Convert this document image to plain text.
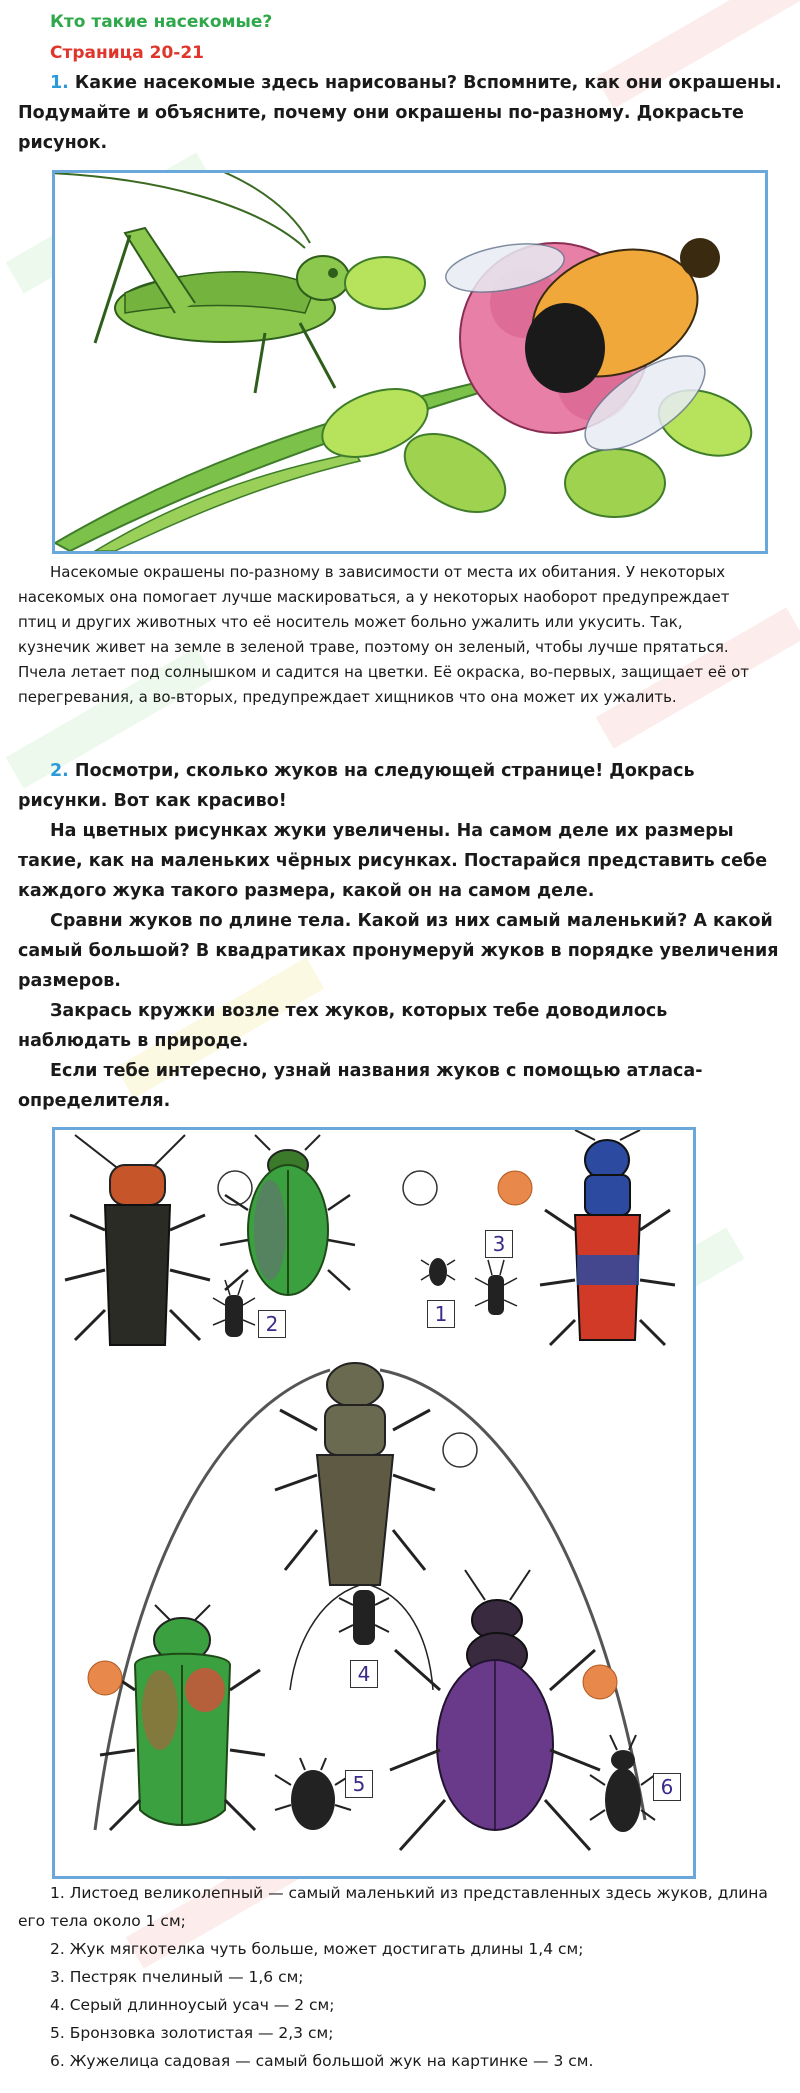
Кто такие насекомые?
Страница 20-21
1. Какие насекомые здесь нарисованы? Вспомните, как они окрашены. Подумайте и объясните, почему они окрашены по-разному. Докрасьте рисунок.
Насекомые окрашены по-разному в зависимости от места их обитания. У некоторых насекомых она помогает лучше маскироваться, а у некоторых наоборот предупреждает птиц и других животных что её носитель может больно ужалить или укусить. Так, кузнечик живет на земле в зеленой траве, поэтому он зеленый, чтобы лучше прятаться. Пчела летает под солнышком и садится на цветки. Её окраска, во-первых, защищает её от перегревания, а во-вторых, предупреждает хищников что она может их ужалить.
2. Посмотри, сколько жуков на следующей странице! Докрась рисунки. Вот как красиво!
На цветных рисунках жуки увеличены. На самом деле их размеры такие, как на маленьких чёрных рисунках. Постарайся представить себе каждого жука такого размера, какой он на самом деле.
Сравни жуков по длине тела. Какой из них самый маленький? А какой самый большой? В квадратиках пронумеруй жуков в порядке увеличения размеров.
Закрась кружки возле тех жуков, которых тебе доводилось наблюдать в природе.
Если тебе интересно, узнай названия жуков с помощью атласа-определителя.
1
2
3
4
5	6
1. Листоед великолепный — самый маленький из представленных здесь жуков, длина его тела около 1 см;
2. Жук мягкотелка чуть больше, может достигать длины 1,4 см;
3. Пестряк пчелиный — 1,6 см;
4. Серый длинноусый усач — 2 см;
5. Бронзовка золотистая — 2,3 см;
6. Жужелица садовая — самый большой жук на картинке — 3 см.
